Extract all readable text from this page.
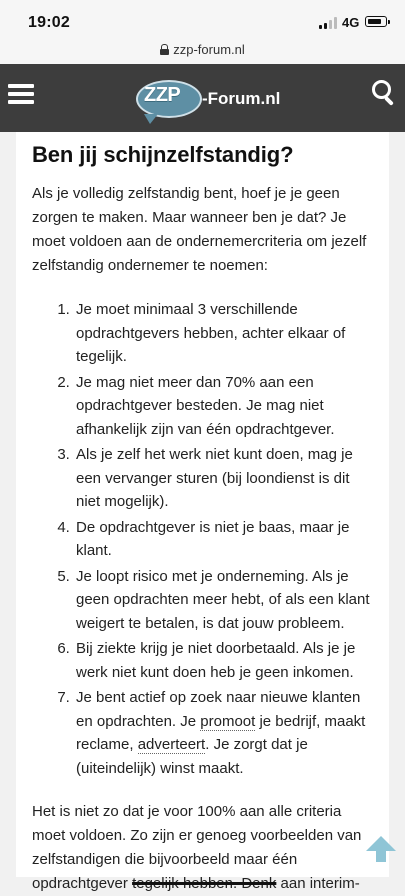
19:02	4G
zzp-forum.nl
ZZP -Forum.nl
Ben jij schijnzelfstandig?

Als je volledig zelfstandig bent, hoef je je geen zorgen te maken. Maar wanneer ben je dat? Je moet voldoen aan de ondernemercriteria om jezelf zelfstandig ondernemer te noemen:

1. Je moet minimaal 3 verschillende opdrachtgevers hebben, achter elkaar of tegelijk.
2. Je mag niet meer dan 70% aan een opdrachtgever besteden. Je mag niet afhankelijk zijn van één opdrachtgever.
3. Als je zelf het werk niet kunt doen, mag je een vervanger sturen (bij loondienst is dit niet mogelijk).
4. De opdrachtgever is niet je baas, maar je klant.
5. Je loopt risico met je onderneming. Als je geen opdrachten meer hebt, of als een klant weigert te betalen, is dat jouw probleem.
6. Bij ziekte krijg je niet doorbetaald. Als je je werk niet kunt doen heb je geen inkomen.
7. Je bent actief op zoek naar nieuwe klanten en opdrachten. Je promoot je bedrijf, maakt reclame, adverteert. Je zorgt dat je (uiteindelijk) winst maakt.

Het is niet zo dat je voor 100% aan alle criteria moet voldoen. Zo zijn er genoeg voorbeelden van zelfstandigen die bijvoorbeeld maar één opdrachtgever tegelijk hebben. Denk aan interim-
